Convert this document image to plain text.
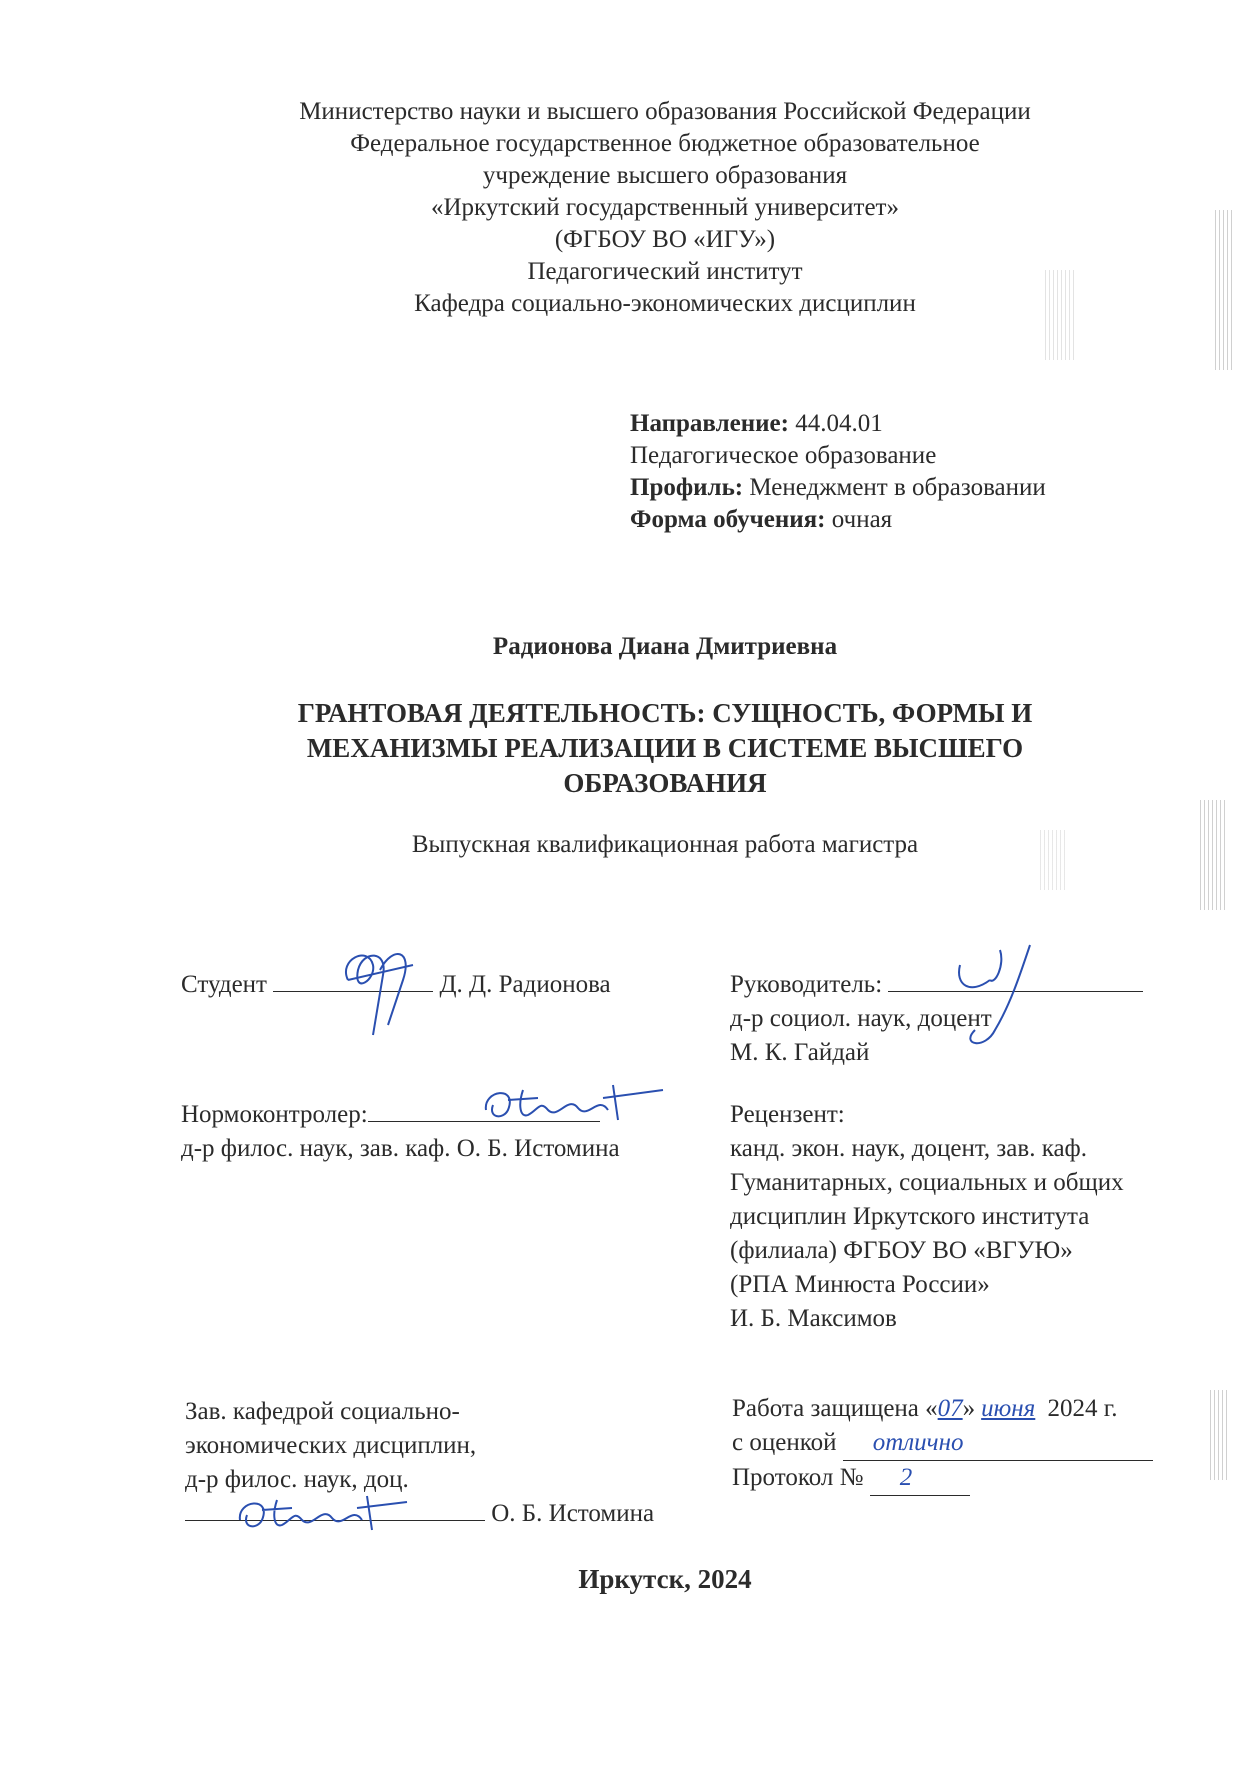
Министерство науки и высшего образования Российской Федерации
Федеральное государственное бюджетное образовательное
учреждение высшего образования
«Иркутский государственный университет»
(ФГБОУ ВО «ИГУ»)
Педагогический институт
Кафедра социально-экономических дисциплин
Направление: 44.04.01
Педагогическое образование
Профиль: Менеджмент в образовании
Форма обучения: очная
Радионова Диана Дмитриевна
ГРАНТОВАЯ ДЕЯТЕЛЬНОСТЬ: СУЩНОСТЬ, ФОРМЫ И
МЕХАНИЗМЫ РЕАЛИЗАЦИИ В СИСТЕМЕ ВЫСШЕГО
ОБРАЗОВАНИЯ
Выпускная квалификационная работа магистра
Студент	Д. Д. Радионова	Руководитель:
д-р социол. наук, доцент
М. К. Гайдай
Нормоконтролер:
д-р филос. наук, зав. каф. О. Б. Истомина
Рецензент:
канд. экон. наук, доцент, зав. каф.
Гуманитарных, социальных и общих
дисциплин Иркутского института
(филиала) ФГБОУ ВО «ВГУЮ»
(РПА Минюста России»
И. Б. Максимов
Зав. кафедрой социально-
экономических дисциплин,
д-р филос. наук, доц.
О. Б. Истомина
Работа защищена «07» июня 2024 г.
с оценкой отлично
Протокол № 2
Иркутск, 2024
